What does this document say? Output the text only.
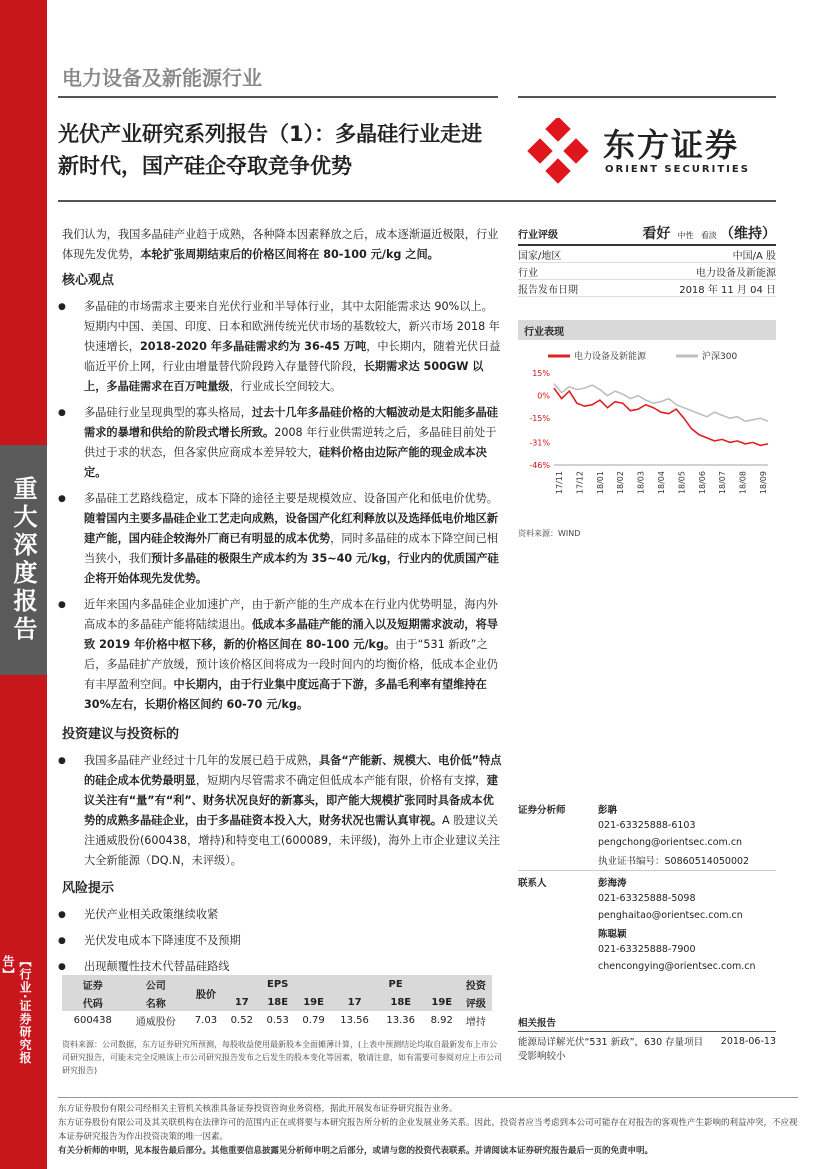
重大深度报告
【行业·证券研究报告】
电力设备及新能源行业
光伏产业研究系列报告（1）：多晶硅行业走进新时代，国产硅企夺取竞争优势
东方证券
ORIENT SECURITIES

我们认为，我国多晶硅产业趋于成熟，各种降本因素释放之后，成本逐渐逼近极限，行业体现先发优势，本轮扩张周期结束后的价格区间将在 80-100 元/kg 之间。

核心观点
● 多晶硅的市场需求主要来自光伏行业和半导体行业，其中太阳能需求达 90%以上。短期内中国、美国、印度、日本和欧洲传统光伏市场的基数较大，新兴市场 2018 年快速增长，2018-2020 年多晶硅需求约为 36-45 万吨，中长期内，随着光伏日益临近平价上网，行业由增量替代阶段跨入存量替代阶段，长期需求达 500GW 以上，多晶硅需求在百万吨量级，行业成长空间较大。
● 多晶硅行业呈现典型的寡头格局，过去十几年多晶硅价格的大幅波动是太阳能多晶硅需求的暴增和供给的阶段式增长所致。2008 年行业供需逆转之后，多晶硅目前处于供过于求的状态，但各家供应商成本差异较大，硅料价格由边际产能的现金成本决定。
● 多晶硅工艺路线稳定，成本下降的途径主要是规模效应、设备国产化和低电价优势。随着国内主要多晶硅企业工艺走向成熟，设备国产化红利释放以及选择低电价地区新建产能，国内硅企较海外厂商已有明显的成本优势，同时多晶硅的成本下降空间已相当狭小，我们预计多晶硅的极限生产成本约为 35~40 元/kg，行业内的优质国产硅企将开始体现先发优势。
● 近年来国内多晶硅企业加速扩产，由于新产能的生产成本在行业内优势明显，海内外高成本的多晶硅产能将陆续退出。低成本多晶硅产能的涌入以及短期需求波动，将导致 2019 年价格中枢下移，新的价格区间在 80-100 元/kg。由于“531 新政”之后，多晶硅扩产放缓，预计该价格区间将成为一段时间内的均衡价格，低成本企业仍有丰厚盈利空间。中长期内，由于行业集中度远高于下游，多晶毛利率有望维持在 30%左右，长期价格区间约 60-70 元/kg。
投资建议与投资标的
● 我国多晶硅产业经过十几年的发展已趋于成熟，具备“产能新、规模大、电价低”特点的硅企成本优势最明显，短期内尽管需求不确定但低成本产能有限，价格有支撑，建议关注有“量”有“利”、财务状况良好的新寡头，即产能大规模扩张同时具备成本优势的成熟多晶硅企业，由于多晶硅资本投入大，财务状况也需认真审视。A 股建议关注通威股份(600438，增持)和特变电工(600089，未评级)，海外上市企业建议关注大全新能源（DQ.N，未评级）。
风险提示
● 光伏产业相关政策继续收紧
● 光伏发电成本下降速度不及预期
● 出现颠覆性技术代替晶硅路线
行业评级	看好 中性 看淡 （维持）
国家/地区	中国/A 股
行业	电力设备及新能源
报告发布日期	2018 年 11 月 04 日
行业表现
电力设备及新能源	沪深300
15%
0%
-15%
-31%
-46%
17/11 17/12 18/01 18/02 18/03 18/04 18/05 18/06 18/07 18/08 18/09
资料来源：WIND
证券分析师	彭聃
021-63325888-6103
pengchong@orientsec.com.cn
执业证书编号：S0860514050002
联系人	彭海涛
021-63325888-5098
penghaitao@orientsec.com.cn
陈聪颖
021-63325888-7900
chencongying@orientsec.com.cn
相关报告
能源局详解光伏“531 新政”，630 存量项目受影响较小
2018-06-13
证券	公司	股价	EPS			PE			投资
代码	名称		17	18E	19E	17	18E	19E	评级
600438	通威股份	7.03	0.52	0.53	0.79	13.56	13.36	8.92	增持
资料来源：公司数据，东方证券研究所预测，每股收益使用最新股本全面摊薄计算，(上表中预测结论均取自最新发布上市公司研究报告，可能未完全反映该上市公司研究报告发布之后发生的股本变化等因素，敬请注意，如有需要可参阅对应上市公司研究报告)
东方证券股份有限公司经相关主管机关核准具备证券投资咨询业务资格，据此开展发布证券研究报告业务。
东方证券股份有限公司及其关联机构在法律许可的范围内正在或将要与本研究报告所分析的企业发展业务关系。因此，投资者应当考虑到本公司可能存在对报告的客观性产生影响的利益冲突，不应视本证券研究报告为作出投资决策的唯一因素。
有关分析师的申明，见本报告最后部分。其他重要信息披露见分析师申明之后部分，或请与您的投资代表联系。并请阅读本证券研究报告最后一页的免责申明。
